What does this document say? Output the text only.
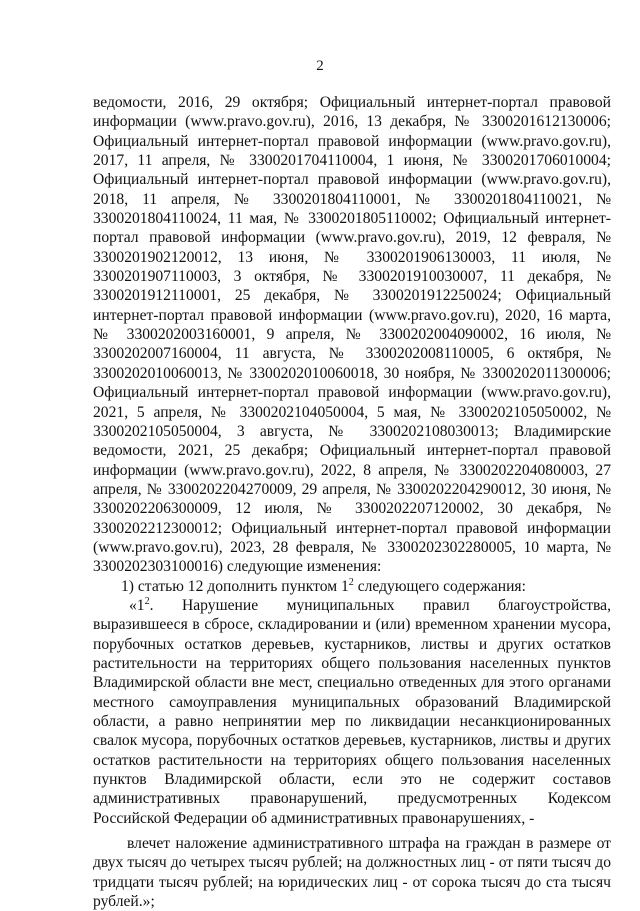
2

ведомости, 2016, 29 октября; Официальный интернет-портал правовой информации (www.pravo.gov.ru), 2016, 13 декабря, № 3300201612130006; Официальный интернет-портал правовой информации (www.pravo.gov.ru), 2017, 11 апреля, № 3300201704110004, 1 июня, № 3300201706010004; Официальный интернет-портал правовой информации (www.pravo.gov.ru), 2018, 11 апреля, № 3300201804110001, № 3300201804110021, № 3300201804110024, 11 мая, № 3300201805110002; Официальный интернет-портал правовой информации (www.pravo.gov.ru), 2019, 12 февраля, № 3300201902120012, 13 июня, № 3300201906130003, 11 июля, № 3300201907110003, 3 октября, № 3300201910030007, 11 декабря, № 3300201912110001, 25 декабря, № 3300201912250024; Официальный интернет-портал правовой информации (www.pravo.gov.ru), 2020, 16 марта, № 3300202003160001, 9 апреля, № 3300202004090002, 16 июля, № 3300202007160004, 11 августа, № 3300202008110005, 6 октября, № 3300202010060013, № 3300202010060018, 30 ноября, № 3300202011300006; Официальный интернет-портал правовой информации (www.pravo.gov.ru), 2021, 5 апреля, № 3300202104050004, 5 мая, № 3300202105050002, № 3300202105050004, 3 августа, № 3300202108030013; Владимирские ведомости, 2021, 25 декабря; Официальный интернет-портал правовой информации (www.pravo.gov.ru), 2022, 8 апреля, № 3300202204080003, 27 апреля, № 3300202204270009, 29 апреля, № 3300202204290012, 30 июня, № 3300202206300009, 12 июля, № 3300202207120002, 30 декабря, № 3300202212300012; Официальный интернет-портал правовой информации (www.pravo.gov.ru), 2023, 28 февраля, № 3300202302280005, 10 марта, № 3300202303100016) следующие изменения:

1) статью 12 дополнить пунктом $1^2$ следующего содержания:

«$1^2$. Нарушение муниципальных правил благоустройства, выразившееся в сбросе, складировании и (или) временном хранении мусора, порубочных остатков деревьев, кустарников, листвы и других остатков растительности на территориях общего пользования населенных пунктов Владимирской области вне мест, специально отведенных для этого органами местного самоуправления муниципальных образований Владимирской области, а равно непринятии мер по ликвидации несанкционированных свалок мусора, порубочных остатков деревьев, кустарников, листвы и других остатков растительности на территориях общего пользования населенных пунктов Владимирской области, если это не содержит составов административных правонарушений, предусмотренных Кодексом Российской Федерации об административных правонарушениях, -

влечет наложение административного штрафа на граждан в размере от двух тысяч до четырех тысяч рублей; на должностных лиц - от пяти тысяч до тридцати тысяч рублей; на юридических лиц - от сорока тысяч до ста тысяч рублей.»;
